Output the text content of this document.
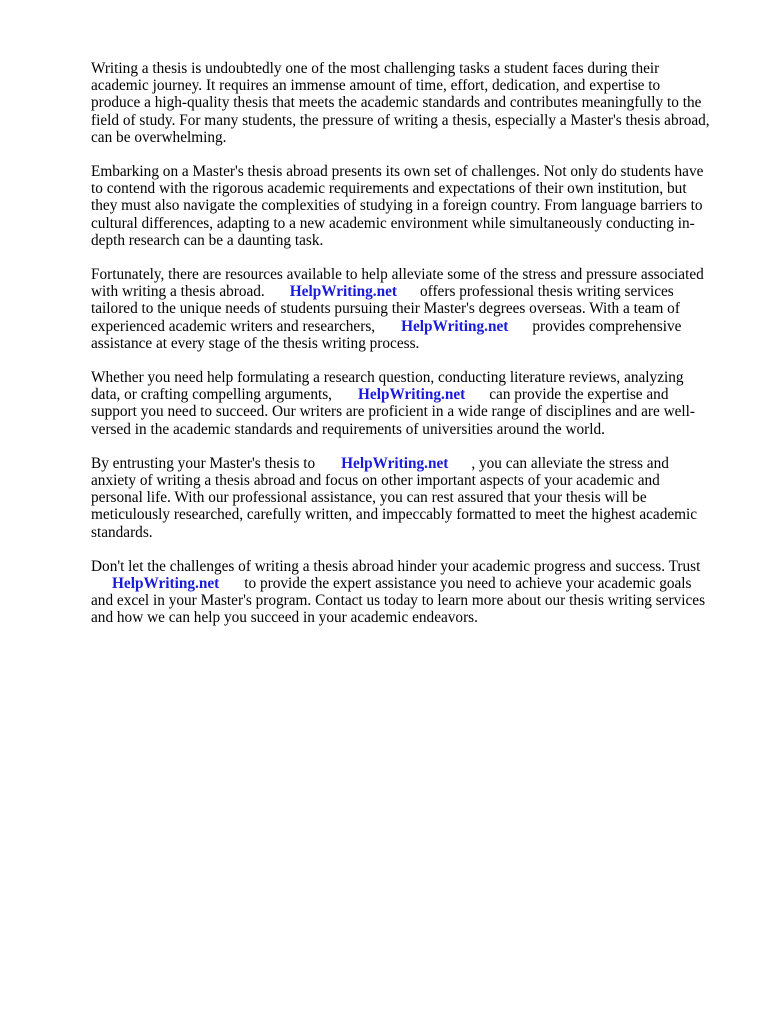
Writing a thesis is undoubtedly one of the most challenging tasks a student faces during their
academic journey. It requires an immense amount of time, effort, dedication, and expertise to
produce a high-quality thesis that meets the academic standards and contributes meaningfully to the
field of study. For many students, the pressure of writing a thesis, especially a Master's thesis abroad,
can be overwhelming.
Embarking on a Master's thesis abroad presents its own set of challenges. Not only do students have
to contend with the rigorous academic requirements and expectations of their own institution, but
they must also navigate the complexities of studying in a foreign country. From language barriers to
cultural differences, adapting to a new academic environment while simultaneously conducting in-
depth research can be a daunting task.
Fortunately, there are resources available to help alleviate some of the stress and pressure associated
with writing a thesis abroad. HelpWriting.net offers professional thesis writing services
tailored to the unique needs of students pursuing their Master's degrees overseas. With a team of
experienced academic writers and researchers, HelpWriting.net provides comprehensive
assistance at every stage of the thesis writing process.
Whether you need help formulating a research question, conducting literature reviews, analyzing
data, or crafting compelling arguments, HelpWriting.net can provide the expertise and
support you need to succeed. Our writers are proficient in a wide range of disciplines and are well-
versed in the academic standards and requirements of universities around the world.
By entrusting your Master's thesis to HelpWriting.net , you can alleviate the stress and
anxiety of writing a thesis abroad and focus on other important aspects of your academic and
personal life. With our professional assistance, you can rest assured that your thesis will be
meticulously researched, carefully written, and impeccably formatted to meet the highest academic
standards.
Don't let the challenges of writing a thesis abroad hinder your academic progress and success. Trust
HelpWriting.net to provide the expert assistance you need to achieve your academic goals
and excel in your Master's program. Contact us today to learn more about our thesis writing services
and how we can help you succeed in your academic endeavors.
